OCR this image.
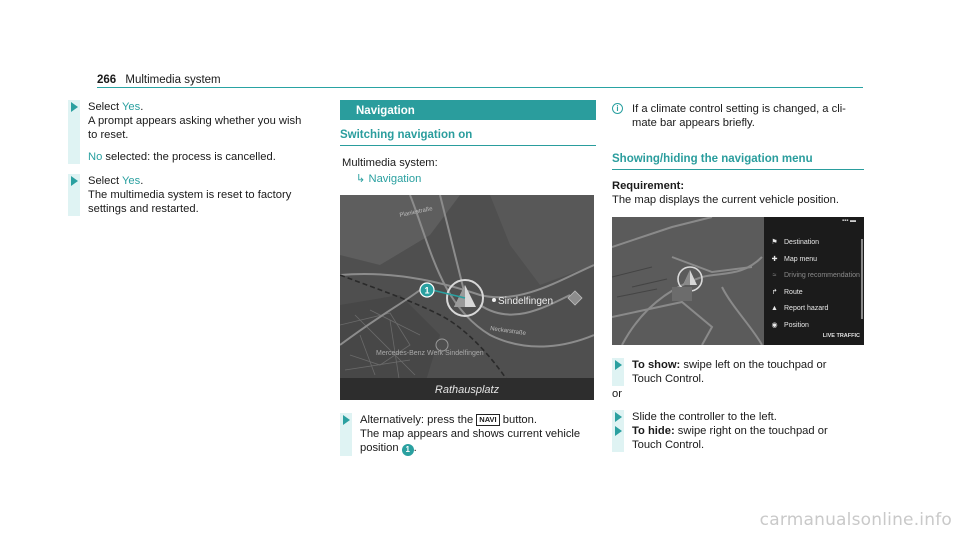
266 Multimedia system
Select Yes.
A prompt appears asking whether you wish
to reset.
No selected: the process is cancelled.
Select Yes.
The multimedia system is reset to factory
settings and restarted.
Navigation
Switching navigation on
Multimedia system:
↳ Navigation
1
Sindelfingen
Neckarstraße
Planiestraße
Mercedes-Benz Werk Sindelfingen
Rathausplatz
Alternatively: press the NAVI button.
The map appears and shows current vehicle
position 1 .
i	If a climate control setting is changed, a cli-
mate bar appears briefly.
Showing/hiding the navigation menu
Requirement:
The map displays the current vehicle position.
▪▪▪ ▬
⚑ Destination
✚ Map menu
≈	Driving recommendation
↱ Route
▲ Report hazard
◉ Position
LIVE TRAFFIC
To show: swipe left on the touchpad or
Touch Control.
or
Slide the controller to the left.
To hide: swipe right on the touchpad or
Touch Control.
carmanualsonline.info
